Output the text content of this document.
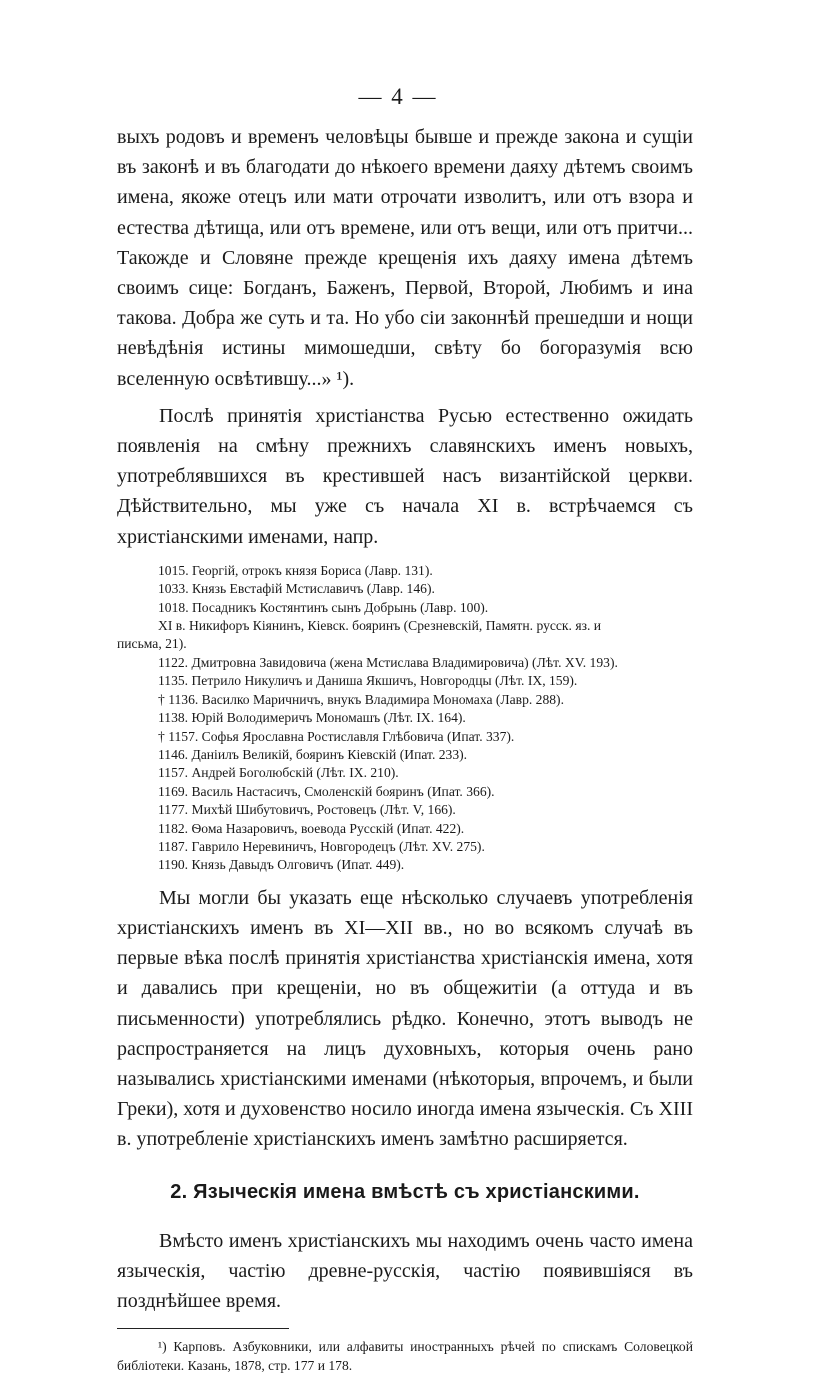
— 4 —

выхъ родовъ и временъ человѣцы бывше и прежде закона и сущіи въ законѣ и въ благодати до нѣкоего времени даяху дѣтемъ своимъ имена, якоже отецъ или мати отрочати изволитъ, или отъ взора и естества дѣтища, или отъ времене, или отъ вещи, или отъ притчи... Такожде и Словяне прежде крещенія ихъ даяху имена дѣтемъ своимъ сице: Богданъ, Баженъ, Первой, Второй, Любимъ и ина такова. Добра же суть и та. Но убо сіи законнѣй прешедши и нощи невѣдѣнія истины мимошедши, свѣту бо богоразумія всю вселенную освѣтившу...» ¹).

Послѣ принятія христіанства Русью естественно ожидать появленія на смѣну прежнихъ славянскихъ именъ новыхъ, употреблявшихся въ крестившей насъ византійской церкви. Дѣйствительно, мы уже съ начала XI в. встрѣчаемся съ христіанскими именами, напр.

1015. Георгій, отрокъ князя Бориса (Лавр. 131).

1033. Князь Евстафій Мстиславичъ (Лавр. 146).

1018. Посадникъ Костянтинъ сынъ Добрынь (Лавр. 100).

XI в. Никифоръ Кіянинъ, Кіевск. бояринъ (Срезневскій, Памятн. русск. яз. и

письма, 21).

1122. Дмитровна Завидовича (жена Мстислава Владимировича) (Лѣт. XV. 193).

1135. Петрило Никуличъ и Даниша Якшичъ, Новгородцы (Лѣт. IX, 159).

† 1136. Василко Маричничъ, внукъ Владимира Мономаха (Лавр. 288).

1138. Юрій Володимеричъ Мономашъ (Лѣт. IX. 164).

† 1157. Софья Ярославна Ростиславля Глѣбовича (Ипат. 337).

1146. Даніилъ Великій, бояринъ Кіевскій (Ипат. 233).

1157. Андрей Боголюбскій (Лѣт. IX. 210).

1169. Василь Настасичъ, Смоленскій бояринъ (Ипат. 366).

1177. Михѣй Шибутовичъ, Ростовецъ (Лѣт. V, 166).

1182. Ѳома Назаровичъ, воевода Русскій (Ипат. 422).

1187. Гаврило Неревиничъ, Новгородецъ (Лѣт. XV. 275).

1190. Князь Давыдъ Олговичъ (Ипат. 449).

Мы могли бы указать еще нѣсколько случаевъ употребленія христіанскихъ именъ въ XI—XII вв., но во всякомъ случаѣ въ первые вѣка послѣ принятія христіанства христіанскія имена, хотя и давались при крещеніи, но въ общежитіи (а оттуда и въ письменности) употреблялись рѣдко. Конечно, этотъ выводъ не распространяется на лицъ духовныхъ, которыя очень рано назывались христіанскими именами (нѣкоторыя, впрочемъ, и были Греки), хотя и духовенство носило иногда имена языческія. Съ XIII в. употребленіе христіанскихъ именъ замѣтно расширяется.

2. Языческія имена вмѣстѣ съ христіанскими.

Вмѣсто именъ христіанскихъ мы находимъ очень часто имена языческія, частію древне-русскія, частію появившіяся въ позднѣйшее время.

¹) Карповъ. Азбуковники, или алфавиты иностранныхъ рѣчей по спискамъ Соловецкой библіотеки. Казань, 1878, стр. 177 и 178.
